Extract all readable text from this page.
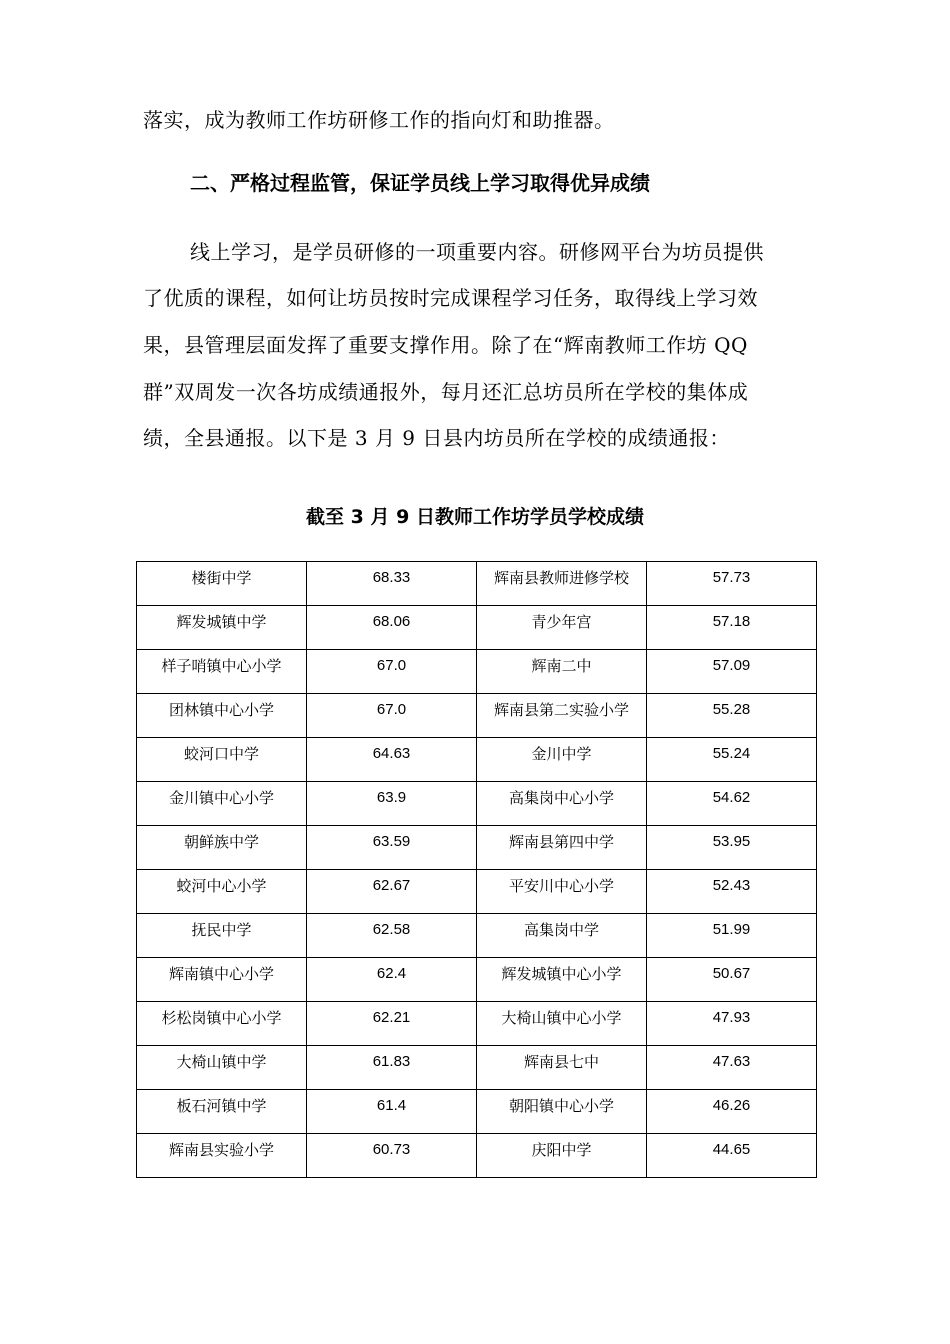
落实，成为教师工作坊研修工作的指向灯和助推器。
二、严格过程监管，保证学员线上学习取得优异成绩
线上学习，是学员研修的一项重要内容。研修网平台为坊员提供
了优质的课程，如何让坊员按时完成课程学习任务，取得线上学习效
果，县管理层面发挥了重要支撑作用。除了在“辉南教师工作坊 QQ
群”双周发一次各坊成绩通报外，每月还汇总坊员所在学校的集体成
绩，全县通报。以下是 3 月 9 日县内坊员所在学校的成绩通报：
截至 3 月 9 日教师工作坊学员学校成绩
楼街中学	68.33	辉南县教师进修学校	57.73
辉发城镇中学	68.06	青少年宫	57.18
样子哨镇中心小学	67.0	辉南二中	57.09
团林镇中心小学	67.0	辉南县第二实验小学	55.28
蛟河口中学	64.63	金川中学	55.24
金川镇中心小学	63.9	高集岗中心小学	54.62
朝鲜族中学	63.59	辉南县第四中学	53.95
蛟河中心小学	62.67	平安川中心小学	52.43
抚民中学	62.58	高集岗中学	51.99
辉南镇中心小学	62.4	辉发城镇中心小学	50.67
杉松岗镇中心小学	62.21	大椅山镇中心小学	47.93
大椅山镇中学	61.83	辉南县七中	47.63
板石河镇中学	61.4	朝阳镇中心小学	46.26
辉南县实验小学	60.73	庆阳中学	44.65
